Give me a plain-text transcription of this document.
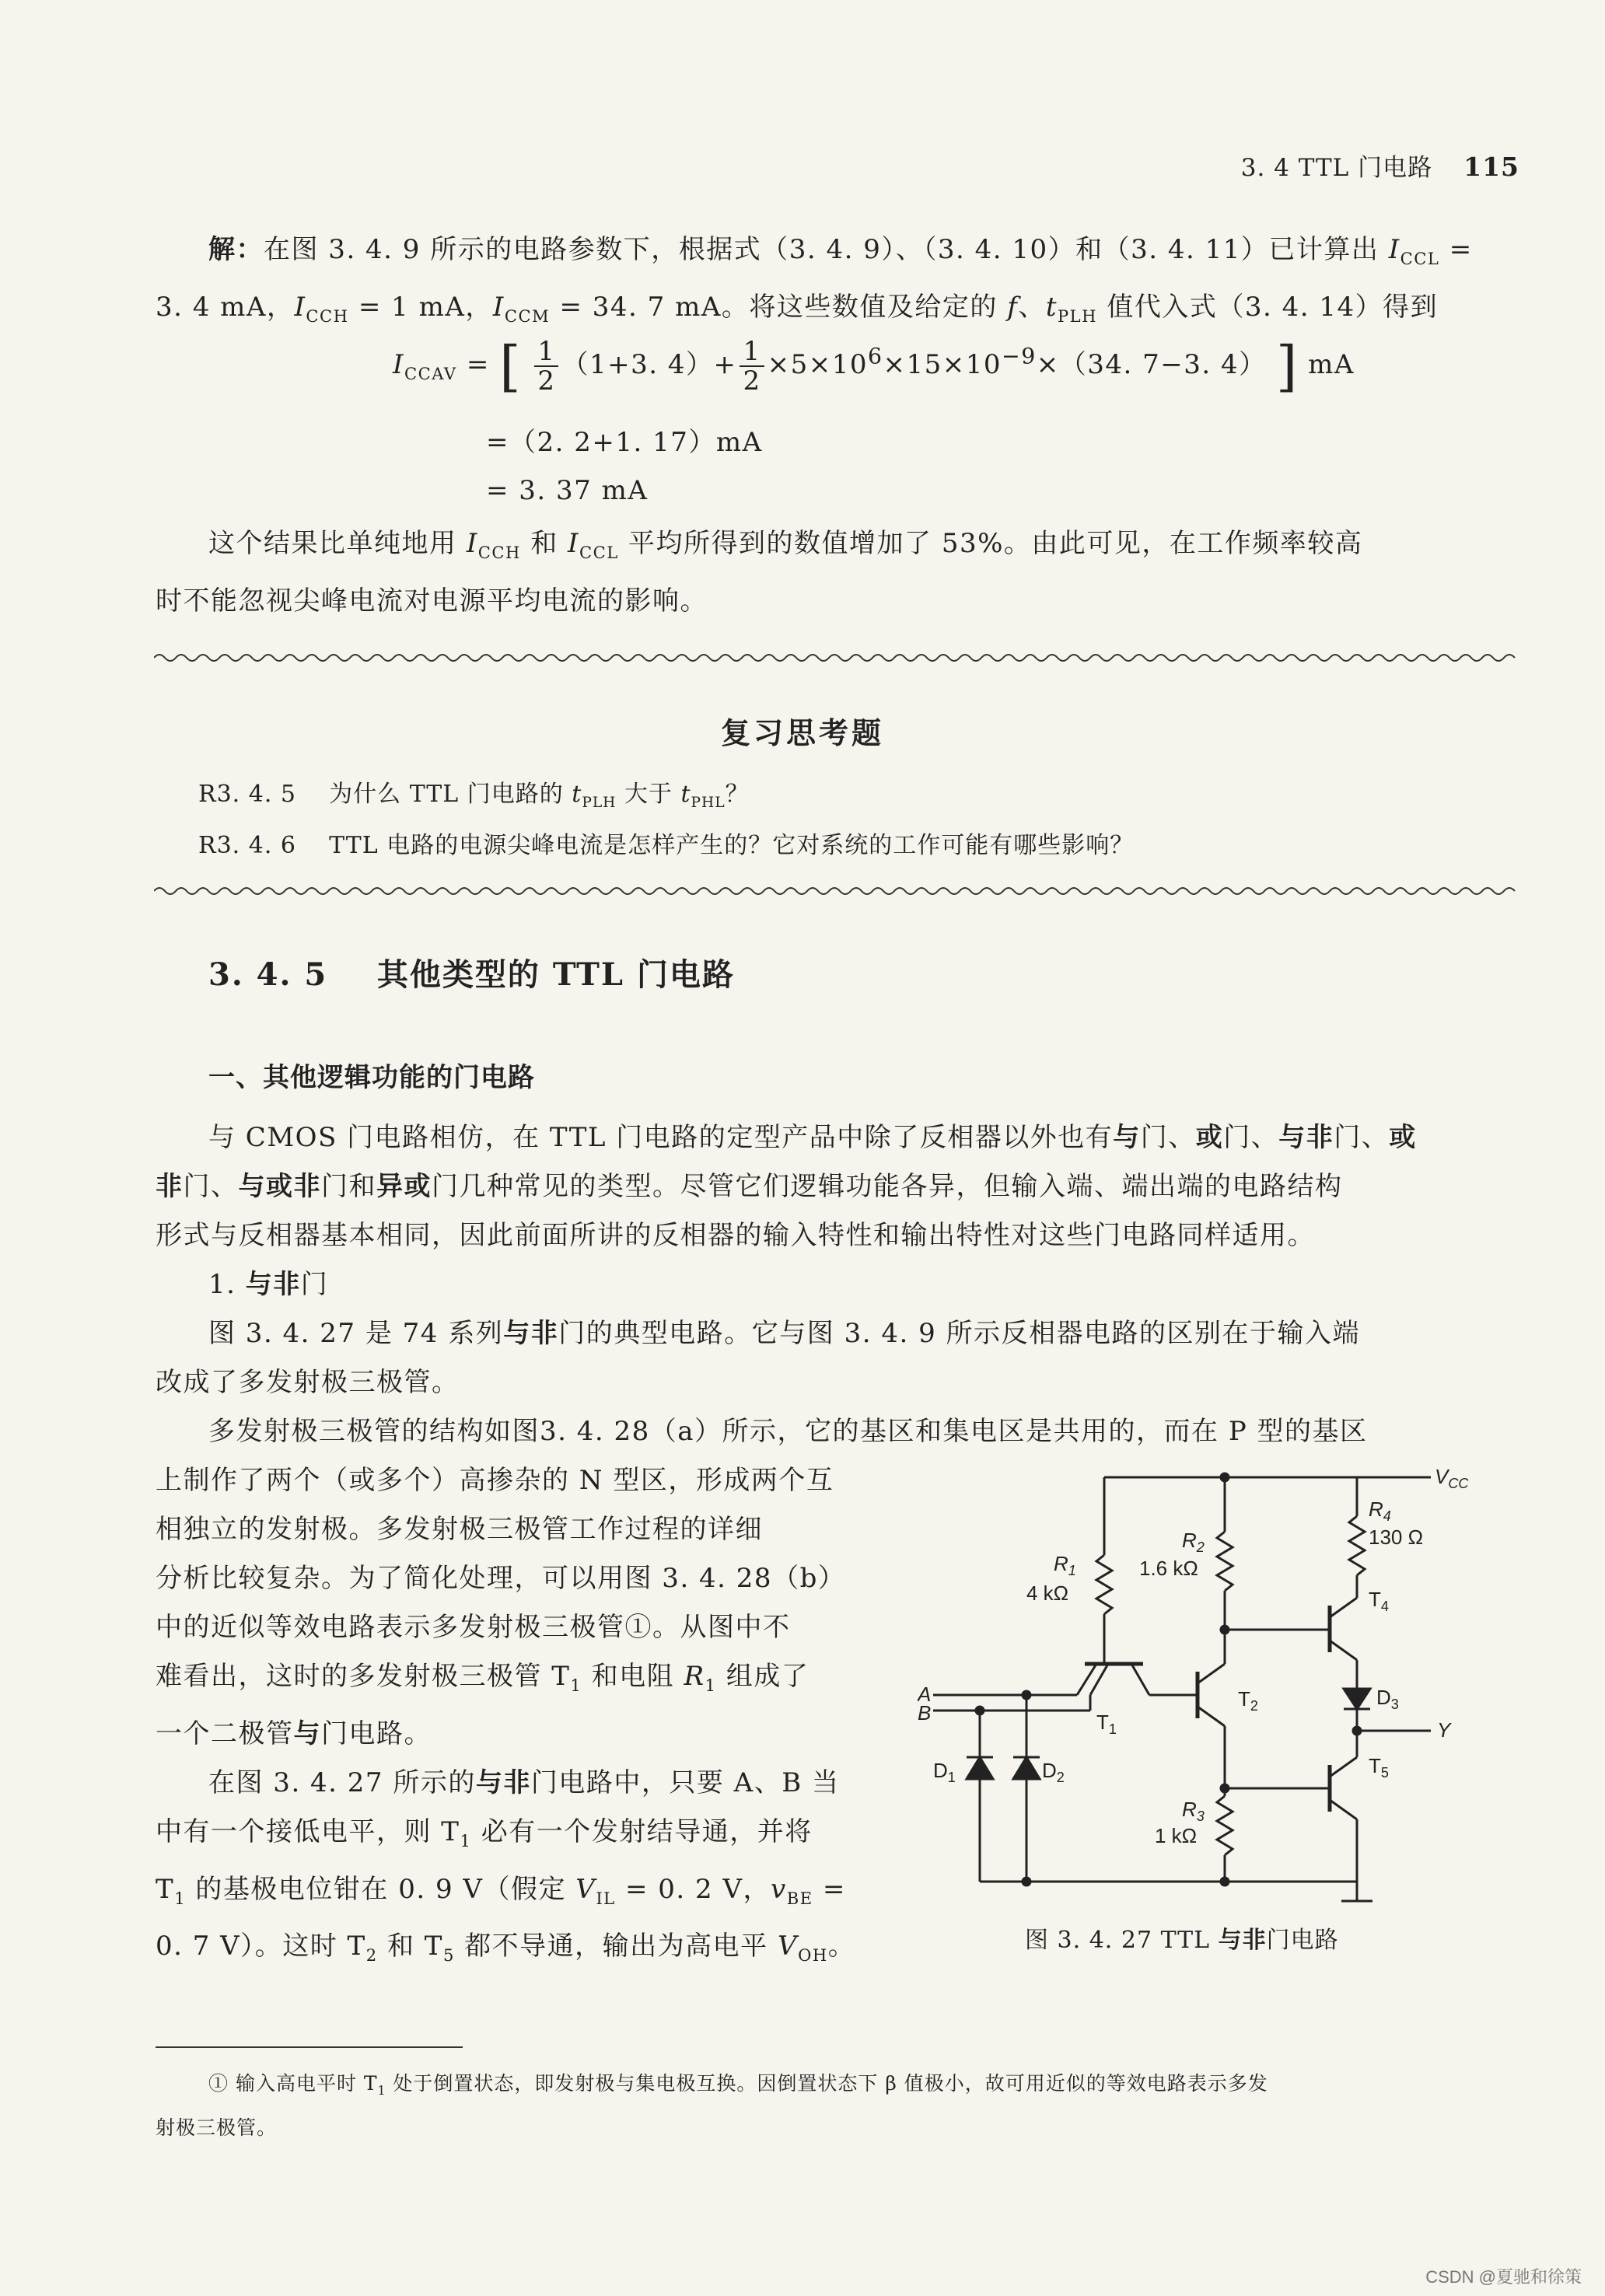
3. 4 TTL 门电路 115
解：在图 3. 4. 9 所示的电路参数下，根据式（3. 4. 9）、（3. 4. 10）和（3. 4. 11）已计算出 $I_{CCL}$ =
3. 4 mA，$I_{CCH} = 1$ mA，$I_{CCM} = 34$. 7 mA。将这些数值及给定的 f、$t_{PLH}$ 值代入式（3. 4. 14）得到
$I_{CCAV}$ = [ $\frac{1}{2} (1+3$. $4)+ \frac{1}{2} \times 5\times 10^6\times 15\times 10^{-9}\times(34$. 7−3. 4） ] mA
=（2. 2+1. 17）mA
= 3. 37 mA
这个结果比单纯地用 $I_{CCH}$ 和 $I_{CCL}$ 平均所得到的数值增加了 53%。由此可见，在工作频率较高
时不能忽视尖峰电流对电源平均电流的影响。
复习思考题
R3. 4. 5 为什么 TTL 门电路的 $t_{PLH}$ 大于 $t_{PHL}$？
R3. 4. 6 TTL 电路的电源尖峰电流是怎样产生的？它对系统的工作可能有哪些影响？
3. 4. 5 其他类型的 TTL 门电路
一、其他逻辑功能的门电路
与 CMOS 门电路相仿，在 TTL 门电路的定型产品中除了反相器以外也有与门、或门、与非门、或
非门、与或非门和异或门几种常见的类型。尽管它们逻辑功能各异，但输入端、端出端的电路结构
形式与反相器基本相同，因此前面所讲的反相器的输入特性和输出特性对这些门电路同样适用。
1. 与非门
图 3. 4. 27 是 74 系列与非门的典型电路。它与图 3. 4. 9 所示反相器电路的区别在于输入端
改成了多发射极三极管。
多发射极三极管的结构如图3. 4. 28（a）所示，它的基区和集电区是共用的，而在 P 型的基区
上制作了两个（或多个）高掺杂的 N 型区，形成两个互
相独立的发射极。多发射极三极管工作过程的详细
分析比较复杂。为了简化处理，可以用图 3. 4. 28（b）
中的近似等效电路表示多发射极三极管①。从图中不
难看出，这时的多发射极三极管 $T_1$ 和电阻 $R_1$ 组成了
一个二极管与门电路。
在图 3. 4. 27 所示的与非门电路中，只要 A、B 当
中有一个接低电平，则 $T_1$ 必有一个发射结导通，并将
$T_1$ 的基极电位钳在 0. 9 V（假定 $V_{IL} = 0$. 2 V，$v_{BE}$ =
0. 7 V）。这时 $T_2$ 和 $T_5$ 都不导通，输出为高电平 $V_{OH}$。
$V_{CC}$
$R_1$
4 kΩ
$R_2$
1.6 kΩ
$R_4$
130 Ω
$R_3$
1 kΩ
$T_1$
$T_2$
$T_4$
$T_5$
$D_3$
$D_1$	$D_2$
A
B
Y
图 3. 4. 27 TTL 与非门电路
① 输入高电平时 $T_1$ 处于倒置状态，即发射极与集电极互换。因倒置状态下 β 值极小，故可用近似的等效电路表示多发
射极三极管。
CSDN @夏驰和徐策
